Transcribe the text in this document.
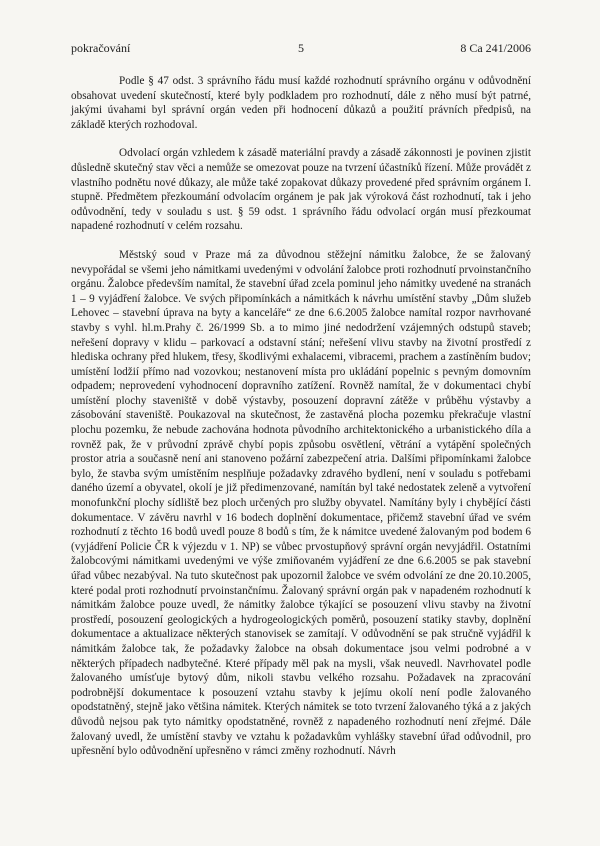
pokračování	5	8 Ca 241/2006

Podle § 47 odst. 3 správního řádu musí každé rozhodnutí správního orgánu v odůvodnění obsahovat uvedení skutečností, které byly podkladem pro rozhodnutí, dále z něho musí být patrné, jakými úvahami byl správní orgán veden při hodnocení důkazů a použití právních předpisů, na základě kterých rozhodoval.

Odvolací orgán vzhledem k zásadě materiální pravdy a zásadě zákonnosti je povinen zjistit důsledně skutečný stav věci a nemůže se omezovat pouze na tvrzení účastníků řízení. Může provádět z vlastního podnětu nové důkazy, ale může také zopakovat důkazy provedené před správním orgánem I. stupně. Předmětem přezkoumání odvolacím orgánem je pak jak výroková část rozhodnutí, tak i jeho odůvodnění, tedy v souladu s ust. § 59 odst. 1 správního řádu odvolací orgán musí přezkoumat napadené rozhodnutí v celém rozsahu.

Městský soud v Praze má za důvodnou stěžejní námitku žalobce, že se žalovaný nevypořádal se všemi jeho námitkami uvedenými v odvolání žalobce proti rozhodnutí prvoinstančního orgánu. Žalobce především namítal, že stavební úřad zcela pominul jeho námitky uvedené na stranách 1 – 9 vyjádření žalobce. Ve svých připomínkách a námitkách k návrhu umístění stavby „Dům služeb Lehovec – stavební úprava na byty a kanceláře“ ze dne 6.6.2005 žalobce namítal rozpor navrhované stavby s vyhl. hl.m.Prahy č. 26/1999 Sb. a to mimo jiné nedodržení vzájemných odstupů staveb; neřešení dopravy v klidu – parkovací a odstavní stání; neřešení vlivu stavby na životní prostředí z hlediska ochrany před hlukem, třesy, škodlivými exhalacemi, vibracemi, prachem a zastíněním budov; umístění lodžií přímo nad vozovkou; nestanovení místa pro ukládání popelnic s pevným domovním odpadem; neprovedení vyhodnocení dopravního zatížení. Rovněž namítal, že v dokumentaci chybí umístění plochy staveniště v době výstavby, posouzení dopravní zátěže v průběhu výstavby a zásobování staveniště. Poukazoval na skutečnost, že zastavěná plocha pozemku překračuje vlastní plochu pozemku, že nebude zachována hodnota původního architektonického a urbanistického díla a rovněž pak, že v průvodní zprávě chybí popis způsobu osvětlení, větrání a vytápění společných prostor atria a současně není ani stanoveno požární zabezpečení atria. Dalšími připomínkami žalobce bylo, že stavba svým umístěním nesplňuje požadavky zdravého bydlení, není v souladu s potřebami daného území a obyvatel, okolí je již předimenzované, namítán byl také nedostatek zeleně a vytvoření monofunkční plochy sídliště bez ploch určených pro služby obyvatel. Namítány byly i chybějící části dokumentace. V závěru navrhl v 16 bodech doplnění dokumentace, přičemž stavební úřad ve svém rozhodnutí z těchto 16 bodů uvedl pouze 8 bodů s tím, že k námitce uvedené žalovaným pod bodem 6 (vyjádření Policie ČR k výjezdu v 1. NP) se vůbec prvostupňový správní orgán nevyjádřil. Ostatními žalobcovými námitkami uvedenými ve výše zmiňovaném vyjádření ze dne 6.6.2005 se pak stavební úřad vůbec nezabýval. Na tuto skutečnost pak upozornil žalobce ve svém odvolání ze dne 20.10.2005, které podal proti rozhodnutí prvoinstančnímu. Žalovaný správní orgán pak v napadeném rozhodnutí k námitkám žalobce pouze uvedl, že námitky žalobce týkající se posouzení vlivu stavby na životní prostředí, posouzení geologických a hydrogeologických poměrů, posouzení statiky stavby, doplnění dokumentace a aktualizace některých stanovisek se zamítají. V odůvodnění se pak stručně vyjádřil k námitkám žalobce tak, že požadavky žalobce na obsah dokumentace jsou velmi podrobné a v některých případech nadbytečné. Které případy měl pak na mysli, však neuvedl. Navrhovatel podle žalovaného umísťuje bytový dům, nikoli stavbu velkého rozsahu. Požadavek na zpracování podrobnější dokumentace k posouzení vztahu stavby k jejímu okolí není podle žalovaného opodstatněný, stejně jako většina námitek. Kterých námitek se toto tvrzení žalovaného týká a z jakých důvodů nejsou pak tyto námitky opodstatněné, rovněž z napadeného rozhodnutí není zřejmé. Dále žalovaný uvedl, že umístění stavby ve vztahu k požadavkům vyhlášky stavební úřad odůvodnil, pro upřesnění bylo odůvodnění upřesněno v rámci změny rozhodnutí. Návrh
